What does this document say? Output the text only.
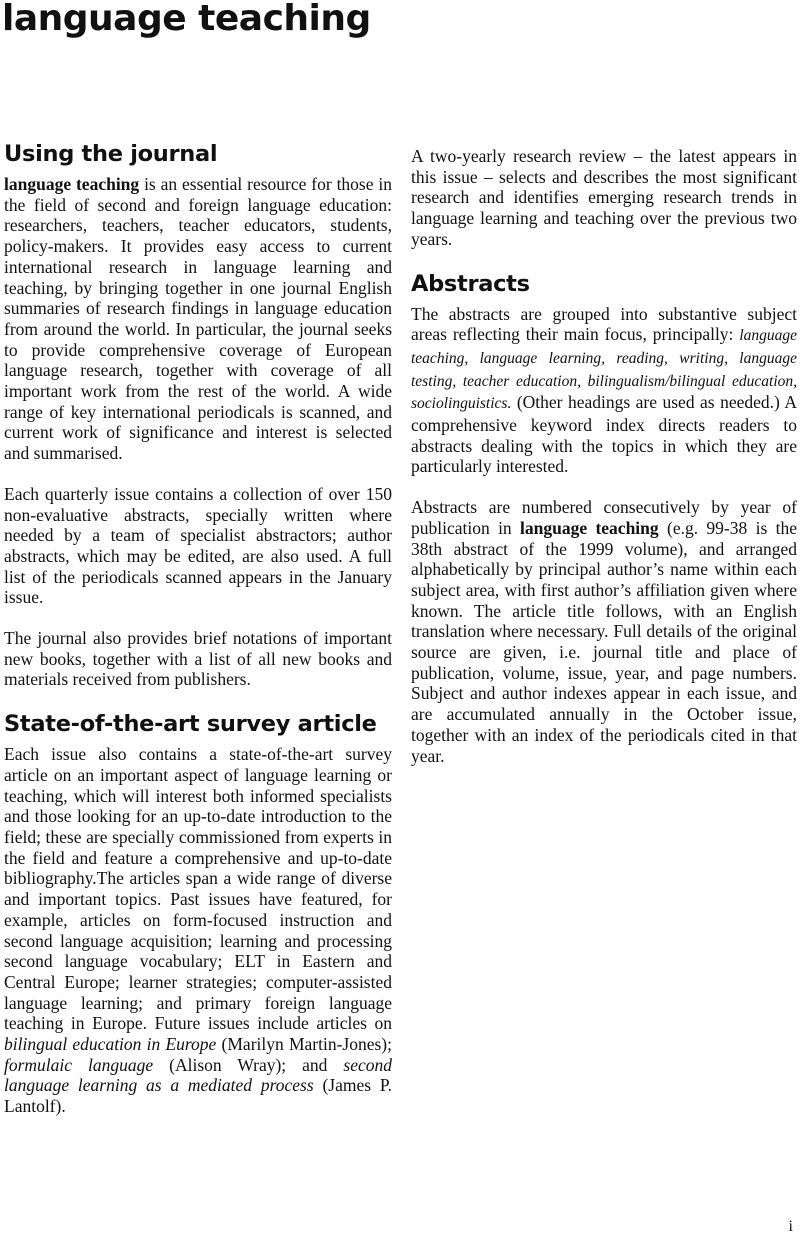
language teaching
Using the journal

language teaching is an essential resource for those in the field of second and foreign language education: researchers, teachers, teacher educators, students, policy-makers. It provides easy access to current international research in language learning and teaching, by bringing together in one journal English summaries of research findings in language education from around the world. In particular, the journal seeks to provide comprehensive coverage of European language research, together with coverage of all important work from the rest of the world. A wide range of key international periodicals is scanned, and current work of significance and interest is selected and summarised.

Each quarterly issue contains a collection of over 150 non-evaluative abstracts, specially written where needed by a team of specialist abstractors; author abstracts, which may be edited, are also used. A full list of the periodicals scanned appears in the January issue.

The journal also provides brief notations of important new books, together with a list of all new books and materials received from publishers.

State-of-the-art survey article

Each issue also contains a state-of-the-art survey article on an important aspect of language learning or teaching, which will interest both informed specialists and those looking for an up-to-date introduction to the field; these are specially commissioned from experts in the field and feature a comprehensive and up-to-date bibliography.The articles span a wide range of diverse and important topics. Past issues have featured, for example, articles on form-focused instruction and second language acquisition; learning and processing second language vocabulary; ELT in Eastern and Central Europe; learner strategies; computer-assisted language learning; and primary foreign language teaching in Europe. Future issues include articles on bilingual education in Europe (Marilyn Martin-Jones); formulaic language (Alison Wray); and second language learning as a mediated process (James P. Lantolf).

A two-yearly research review – the latest appears in this issue – selects and describes the most significant research and identifies emerging research trends in language learning and teaching over the previous two years.

Abstracts

The abstracts are grouped into substantive subject areas reflecting their main focus, principally: language teaching, language learning, reading, writing, language testing, teacher education, bilingualism/bilingual education, sociolinguistics. (Other headings are used as needed.) A comprehensive keyword index directs readers to abstracts dealing with the topics in which they are particularly interested.

Abstracts are numbered consecutively by year of publication in language teaching (e.g. 99-38 is the 38th abstract of the 1999 volume), and arranged alphabetically by principal author’s name within each subject area, with first author’s affiliation given where known. The article title follows, with an English translation where necessary. Full details of the original source are given, i.e. journal title and place of publication, volume, issue, year, and page numbers. Subject and author indexes appear in each issue, and are accumulated annually in the October issue, together with an index of the periodicals cited in that year.

i
